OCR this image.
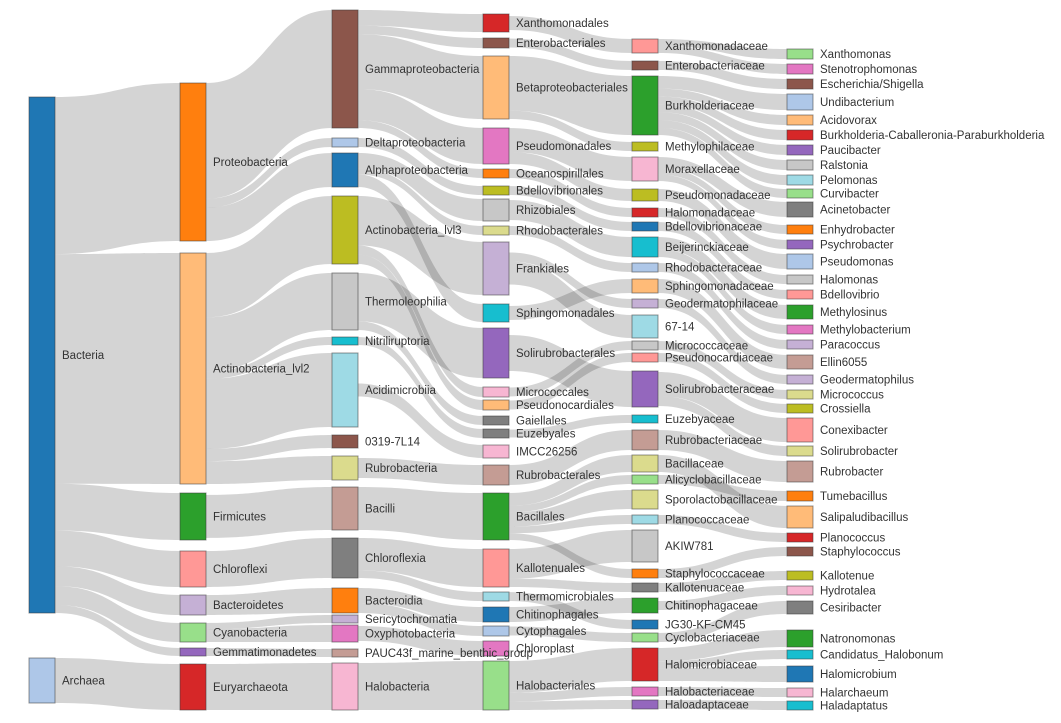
Bacteria
Archaea
Proteobacteria
Actinobacteria_lvl2
Firmicutes
Chloroflexi
Bacteroidetes
Cyanobacteria
Gemmatimonadetes
Euryarchaeota
Gammaproteobacteria
Deltaproteobacteria
Alphaproteobacteria
Actinobacteria_lvl3
Thermoleophilia
Nitriliruptoria
Acidimicrobiia
0319-7L14
Rubrobacteria
Bacilli
Chloroflexia
Bacteroidia
Sericytochromatia
Oxyphotobacteria
PAUC43f_marine_benthic_group
Halobacteria
Xanthomonadales
Enterobacteriales
Betaproteobacteriales
Pseudomonadales
Oceanospirillales
Bdellovibrionales
Rhizobiales
Rhodobacterales
Frankiales
Sphingomonadales
Solirubrobacterales
Micrococcales
Pseudonocardiales
Gaiellales
Euzebyales
IMCC26256
Rubrobacterales
Bacillales
Kallotenuales
Thermomicrobiales
Chitinophagales
Cytophagales
Chloroplast
Halobacteriales
Xanthomonadaceae
Enterobacteriaceae
Burkholderiaceae
Methylophilaceae
Moraxellaceae
Pseudomonadaceae
Halomonadaceae
Bdellovibrionaceae
Beijerinckiaceae
Rhodobacteraceae
Sphingomonadaceae
Geodermatophilaceae
67-14
Micrococcaceae
Pseudonocardiaceae
Solirubrobacteraceae
Euzebyaceae
Rubrobacteriaceae
Bacillaceae
Alicyclobacillaceae
Sporolactobacillaceae
Planococcaceae
AKIW781
Staphylococcaceae
Kallotenuaceae
Chitinophagaceae
JG30-KF-CM45
Cyclobacteriaceae
Halomicrobiaceae
Halobacteriaceae
Haloadaptaceae
Xanthomonas
Stenotrophomonas
Escherichia/Shigella
Undibacterium
Acidovorax
Burkholderia-Caballeronia-Paraburkholderia
Paucibacter
Ralstonia
Pelomonas
Curvibacter
Acinetobacter
Enhydrobacter
Psychrobacter
Pseudomonas
Halomonas
Bdellovibrio
Methylosinus
Methylobacterium
Paracoccus
Ellin6055
Geodermatophilus
Micrococcus
Crossiella
Conexibacter
Solirubrobacter
Rubrobacter
Tumebacillus
Salipaludibacillus
Planococcus
Staphylococcus
Kallotenue
Hydrotalea
Cesiribacter
Natronomonas
Candidatus_Halobonum
Halomicrobium
Halarchaeum
Haladaptatus
